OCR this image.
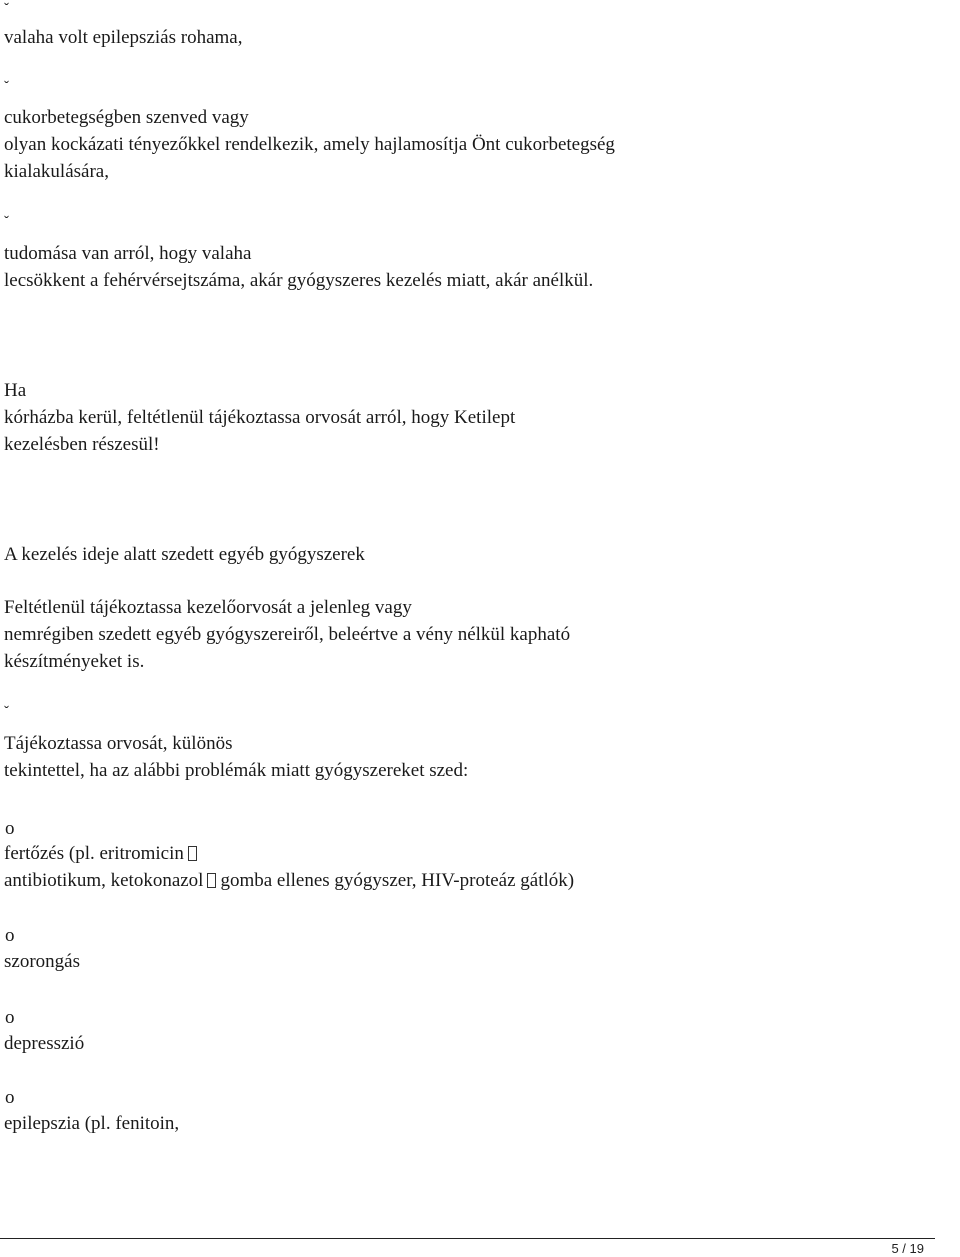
ˇ
valaha volt epilepsziás rohama,
ˇ
cukorbetegségben szenved vagy
olyan kockázati tényezőkkel rendelkezik, amely hajlamosítja Önt cukorbetegség
kialakulására,
ˇ
tudomása van arról, hogy valaha
lecsökkent a fehérvérsejtszáma, akár gyógyszeres kezelés miatt, akár anélkül.
Ha
kórházba kerül, feltétlenül tájékoztassa orvosát arról, hogy Ketilept
kezelésben részesül!
A kezelés ideje alatt szedett egyéb gyógyszerek
Feltétlenül tájékoztassa kezelőorvosát a jelenleg vagy
nemrégiben szedett egyéb gyógyszereiről, beleértve a vény nélkül kapható
készítményeket is.
ˇ
Tájékoztassa orvosát, különös
tekintettel, ha az alábbi problémák miatt gyógyszereket szed:
o
fertőzés (pl. eritromicin
antibiotikum, ketokonazol gomba ellenes gyógyszer, HIV-proteáz gátlók)
o
szorongás
o
depresszió
o
epilepszia (pl. fenitoin,
5 / 19
